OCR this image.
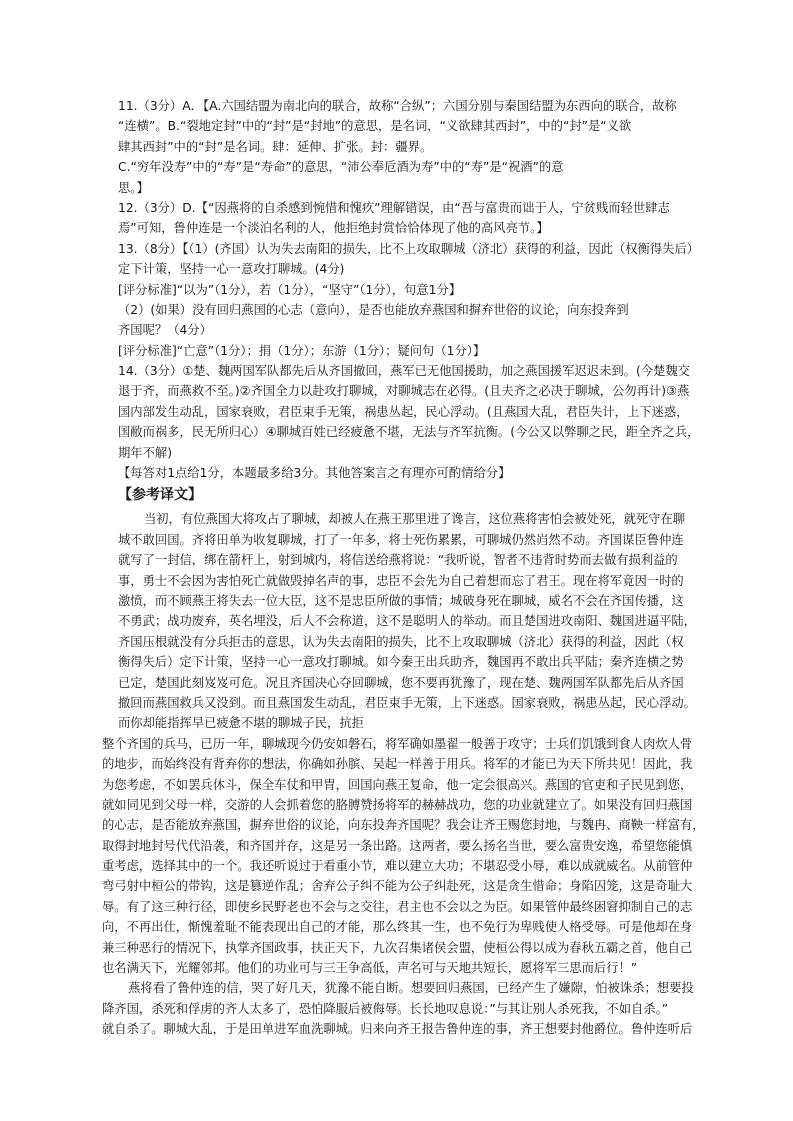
11.（3分）A．【A.六国结盟为南北向的联合，故称“合纵”；六国分别与秦国结盟为东西向的联合，故称
“连横”。B.“裂地定封”中的“封”是“封地”的意思，是名词，“义欲肆其西封”，中的“封”是“义欲
肆其西封”中的“封”是名词。肆：延伸、扩张。封：疆界。
C.“穷年没寿”中的“寿”是“寿命”的意思，“沛公奉卮酒为寿”中的“寿”是“祝酒”的意
思。】
12.（3分）D.【“因燕将的自杀感到惋惜和愧疚”理解错误，由“吾与富贵而诎于人，宁贫贱而轻世肆志
焉”可知，鲁仲连是一个淡泊名利的人，他拒绝封赏恰恰体现了他的高风亮节。】
13.（8分）【（1）(齐国）认为失去南阳的损失，比不上攻取聊城（济北）获得的利益，因此（权衡得失后）
定下计策，坚持一心一意攻打聊城。(4分)
[评分标准]“以为”（1分），若（1分），“坚守”（1分），句意1分】
（2）(如果）没有回归燕国的心志（意向），是否也能放弃燕国和摒弃世俗的议论，向东投奔到
齐国呢？（4分）
[评分标准]“亡意”（1分）；捐（1分）；东游（1分）；疑问句（1分）】
14.（3分）①楚、魏两国军队都先后从齐国撤回，燕军已无他国援助，加之燕国援军迟迟未到。(今楚魏交
退于齐，而燕救不至。)②齐国全力以赴攻打聊城，对聊城志在必得。(且夫齐之必决于聊城，公勿再计)③燕
国内部发生动乱，国家衰败，君臣束手无策，祸患丛起，民心浮动。(且燕国大乱，君臣失计，上下迷惑，
国敝而祸多，民无所归心）④聊城百姓已经疲惫不堪，无法与齐军抗衡。(今公又以弊聊之民，距全齐之兵，
期年不解)
【每答对1点给1分，本题最多给3分。其他答案言之有理亦可酌情给分】
【参考译文】
当初，有位燕国大将攻占了聊城，却被人在燕王那里进了谗言，这位燕将害怕会被处死，就死守在聊
城不敢回国。齐将田单为收复聊城，打了一年多，将士死伤累累，可聊城仍然岿然不动。齐国谋臣鲁仲连
就写了一封信，绑在箭杆上，射到城内，将信送给燕将说：“我听说，智者不违背时势而去做有损利益的
事，勇士不会因为害怕死亡就做毁掉名声的事，忠臣不会先为自己着想而忘了君王。现在将军竟因一时的
激愤，而不顾燕王将失去一位大臣，这不是忠臣所做的事情；城破身死在聊城，威名不会在齐国传播，这
不勇武；战功废弃，英名埋没，后人不会称道，这不是聪明人的举动。而且楚国进攻南阳、魏国进逼平陆，
齐国压根就没有分兵拒击的意思，认为失去南阳的损失，比不上攻取聊城（济北）获得的利益，因此（权
衡得失后）定下计策，坚持一心一意攻打聊城。如今秦王出兵助齐，魏国再不敢出兵平陆；秦齐连横之势
已定，楚国此刻岌岌可危。况且齐国决心夺回聊城，您不要再犹豫了，现在楚、魏两国军队都先后从齐国
撤回而燕国救兵又没到。而且燕国发生动乱，君臣束手无策，上下迷惑。国家衰败，祸患丛起，民心浮动。
而你却能指挥早已疲惫不堪的聊城子民，抗拒
整个齐国的兵马，已历一年，聊城现今仍安如磐石，将军确如墨翟一般善于攻守；士兵们饥饿到食人肉炊人骨
的地步，而始终没有背弃你的想法，你确如孙膑、吴起一样善于用兵。将军的才能已为天下所共见！因此，我
为您考虑，不如罢兵休斗，保全车仗和甲胄，回国向燕王复命，他一定会很高兴。燕国的官吏和子民见到您，
就如同见到父母一样，交游的人会抓着您的胳膊赞扬将军的赫赫战功，您的功业就建立了。如果没有回归燕国
的心志，是否能放弃燕国，摒弃世俗的议论，向东投奔齐国呢？我会让齐王赐您封地，与魏冉、商鞅一样富有，
取得封地封号代代沿袭，和齐国并存，这是另一条出路。这两者，要么扬名当世，要么富贵安逸，希望您能慎
重考虑，选择其中的一个。我还听说过于看重小节，难以建立大功；不堪忍受小辱，难以成就威名。从前管仲
弯弓射中桓公的带钩，这是篡逆作乱；舍弃公子纠不能为公子纠赴死，这是贪生惜命；身陷囚笼，这是奇耻大
辱。有了这三种行径，即使乡民野老也不会与之交往，君主也不会以之为臣。如果管仲最终困窘抑制自己的志
向，不再出仕，惭愧羞耻不能表现出自己的才能，那么终其一生，也不免行为卑贱使人格受辱。可是他却在身
兼三种恶行的情况下，执掌齐国政事，扶正天下，九次召集诸侯会盟，使桓公得以成为春秋五霸之首，他自己
也名满天下，光耀邻邦。他们的功业可与三王争高低，声名可与天地共短长，愿将军三思而后行！”
燕将看了鲁仲连的信，哭了好几天，犹豫不能自断。想要回归燕国，已经产生了嫌隙，怕被诛杀；想要投
降齐国，杀死和俘虏的齐人太多了，恐怕降服后被侮辱。长长地叹息说：”与其让别人杀死我，不如自杀。”
就自杀了。聊城大乱，于是田单进军血洗聊城。归来向齐王报告鲁仲连的事，齐王想要封他爵位。鲁仲连听后
